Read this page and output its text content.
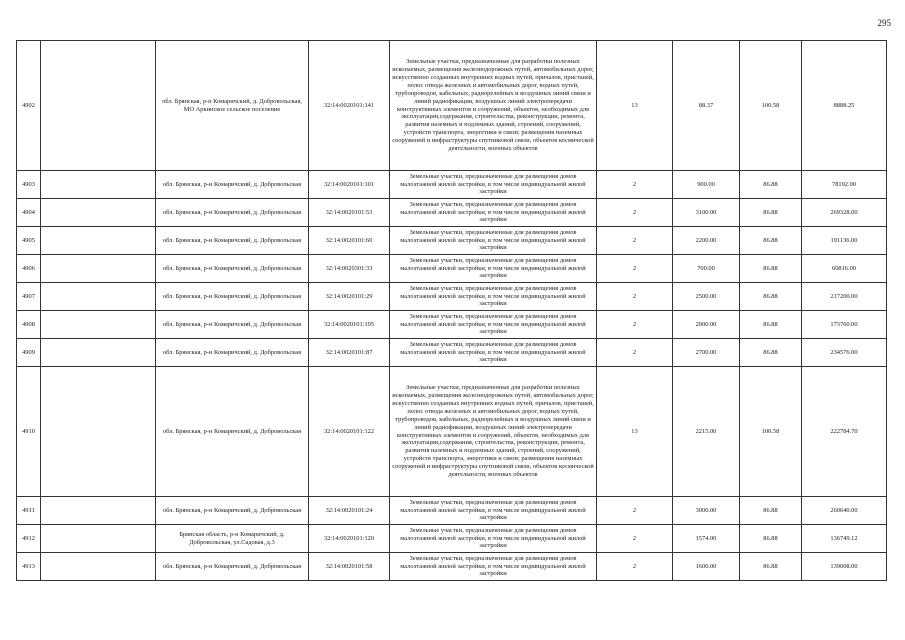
295
4902		обл. Брянская, р-н Комаричский, д. Добровольская, МО Аркинское сельское поселение	32:14:0020101:141	Земельные участки, предназначенные для разработки полезных ископаемых, размещения железнодорожных путей, автомобильных дорог, искусственно созданных внутренних водных путей, причалов, пристаней, полос отвода железных и автомобильных дорог, водных путей, трубопроводов, кабельных, радиорелейных и воздушных линий связи и линий радиофикации, воздушных линий электропередачи конструктивных элементов и сооружений, объектов, необходимых для эксплуатации,содержания, строительства, реконструкции, ремонта, развития наземных и подземных зданий, строений, сооружений, устройств транспорта, энергетики и связи; размещения наземных сооружений и инфраструктуры спутниковой связи, объектов космической деятельности, военных объектов	13	88.37	100.58	8888.25
4903		обл. Брянская, р-н Комаричский, д. Добровольская	32:14:0020101:101	Земельные участки, предназначенные для размещения домов малоэтажной жилой застройки, в том числе индивидуальной жилой застройки	2	900.00	86.88	78192.00
4904		обл. Брянская, р-н Комаричский, д. Добровольская	32:14:0020101:53	Земельные участки, предназначенные для размещения домов малоэтажной жилой застройки, в том числе индивидуальной жилой застройки	2	3100.00	86.88	269328.00
4905		обл. Брянская, р-н Комаричский, д. Добровольская	32:14:0020101:60	Земельные участки, предназначенные для размещения домов малоэтажной жилой застройки, в том числе индивидуальной жилой застройки	2	2200.00	86.88	191136.00
4906		обл. Брянская, р-н Комаричский, д. Добровольская	32:14:0020301:33	Земельные участки, предназначенные для размещения домов малоэтажной жилой застройки, в том числе индивидуальной жилой застройки	2	700.00	86.88	60816.00
4907		обл. Брянская, р-н Комаричский, д. Добровольская	32:14:0020101:29	Земельные участки, предназначенные для размещения домов малоэтажной жилой застройки, в том числе индивидуальной жилой застройки	2	2500.00	86.88	217200.00
4908		обл. Брянская, р-н Комаричский, д. Добровольская	32:14:0020101:105	Земельные участки, предназначенные для размещения домов малоэтажной жилой застройки, в том числе индивидуальной жилой застройки	2	2000.00	86.88	173760.00
4909		обл. Брянская, р-н Комаричский, д. Добровольская	32:14:0020101:87	Земельные участки, предназначенные для размещения домов малоэтажной жилой застройки, в том числе индивидуальной жилой застройки	2	2700.00	86.88	234576.00
4910		обл. Брянская, р-н Комаричский, д. Добровольская	32:14:0020101:122	Земельные участки, предназначенные для разработки полезных ископаемых, размещения железнодорожных путей, автомобильных дорог, искусственно созданных внутренних водных путей, причалов, пристаней, полос отвода железных и автомобильных дорог, водных путей, трубопроводов, кабельных, радиорелейных и воздушных линий связи и линий радиофикации, воздушных линий электропередачи конструктивных элементов и сооружений, объектов, необходимых для эксплуатации,содержания, строительства, реконструкции, ремонта, развития наземных и подземных зданий, строений, сооружений, устройств транспорта, энергетики и связи; размещения наземных сооружений и инфраструктуры спутниковой связи, объектов космической деятельности, военных объектов	13	2215.00	100.58	222784.70
4911		обл. Брянская, р-н Комаричский, д. Добровольская	32:14:0020101:24	Земельные участки, предназначенные для размещения домов малоэтажной жилой застройки, в том числе индивидуальной жилой застройки	2	3000.00	86.88	260640.00
4912		Брянская область, р-н Комаричский, д. Добровольская, ул.Садовая, д.3	32:14:0020101:120	Земельные участки, предназначенные для размещения домов малоэтажной жилой застройки, в том числе индивидуальной жилой застройки	2	1574.00	86.88	136749.12
4913		обл. Брянская, р-н Комаричский, д. Добровольская	32:14:0020101:58	Земельные участки, предназначенные для размещения домов малоэтажной жилой застройки, в том числе индивидуальной жилой застройки	2	1600.00	86.88	139008.00
